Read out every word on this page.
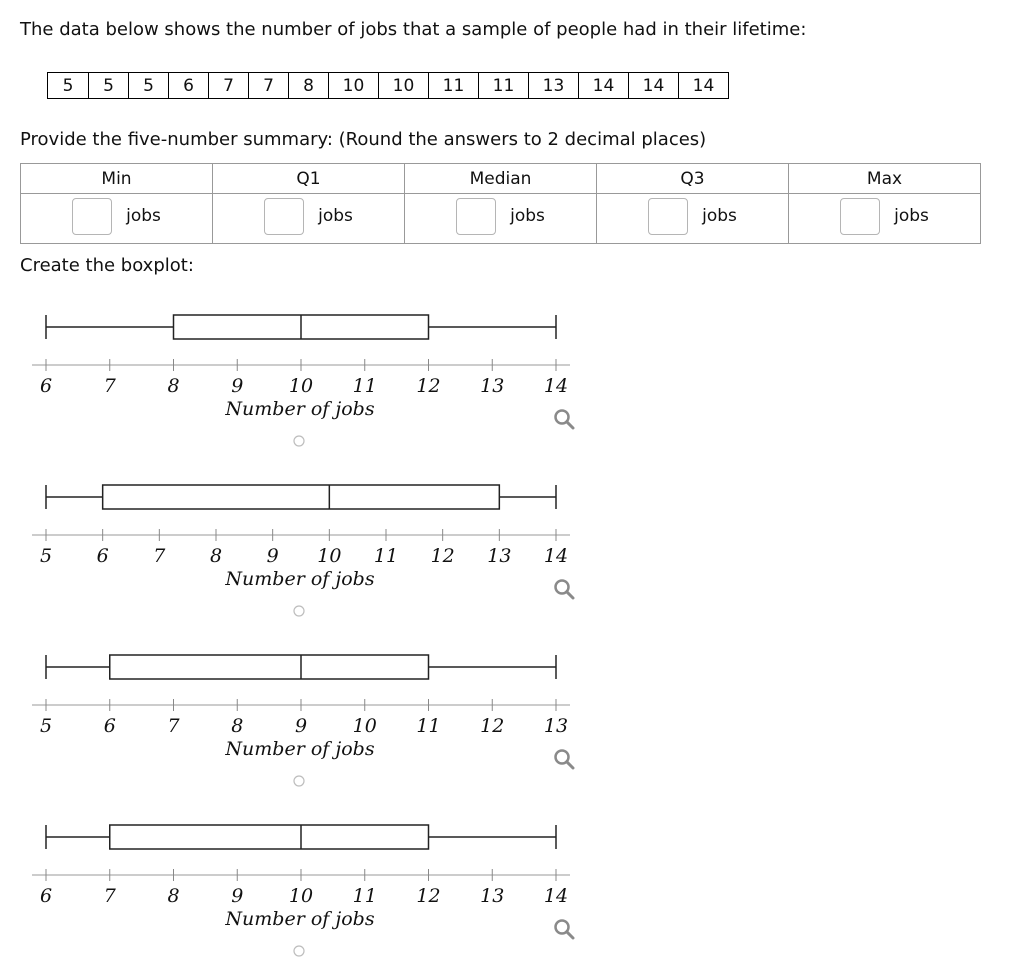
The data below shows the number of jobs that a sample of people had in their lifetime:
5	5	5	6	7	7	8	10	10	11	11	13	14	14	14
Provide the five-number summary: (Round the answers to 2 decimal places)
Min	Q1	Median	Q3	Max

jobs	jobs	jobs	jobs	jobs
Create the boxplot:
6	7	8	9 10 11 12 13 14
Number of jobs
5 6 7 8 9 10 11 12 13 14
Number of jobs
5	6	7	8	9 10 11 12 13
Number of jobs
6	7	8	9 10 11 12 13 14
Number of jobs
